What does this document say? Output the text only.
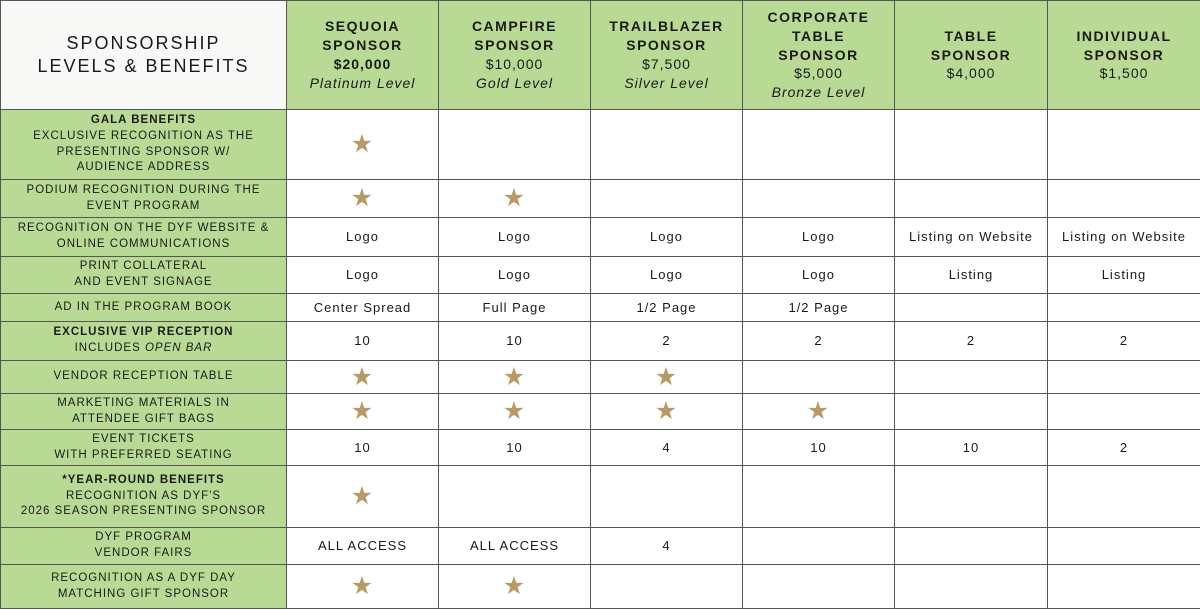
SPONSORSHIP
LEVELS & BENEFITS	SEQUOIA
SPONSOR
$20,000
Platinum Level	CAMPFIRE
SPONSOR
$10,000
Gold Level	TRAILBLAZER
SPONSOR
$7,500
Silver Level	CORPORATE
TABLE
SPONSOR
$5,000
Bronze Level	TABLE
SPONSOR
$4,000	INDIVIDUAL
SPONSOR
$1,500

GALA BENEFITS
EXCLUSIVE RECOGNITION AS THE
PRESENTING SPONSOR W/
AUDIENCE ADDRESS	★					

PODIUM RECOGNITION DURING THE
EVENT PROGRAM	★	★				

RECOGNITION ON THE DYF WEBSITE &
ONLINE COMMUNICATIONS	Logo	Logo	Logo	Logo	Listing on Website	Listing on Website

PRINT COLLATERAL
AND EVENT SIGNAGE	Logo	Logo	Logo	Logo	Listing	Listing

AD IN THE PROGRAM BOOK	Center Spread	Full Page	1/2 Page	1/2 Page		

EXCLUSIVE VIP RECEPTION
INCLUDES OPEN BAR	10	10	2	2	2	2

VENDOR RECEPTION TABLE	★	★	★			

MARKETING MATERIALS IN
ATTENDEE GIFT BAGS	★	★	★	★		

EVENT TICKETS
WITH PREFERRED SEATING	10	10	4	10	10	2

*YEAR-ROUND BENEFITS
RECOGNITION AS DYF'S
2026 SEASON PRESENTING SPONSOR	★					

DYF PROGRAM
VENDOR FAIRS	ALL ACCESS	ALL ACCESS	4			

RECOGNITION AS A DYF DAY
MATCHING GIFT SPONSOR	★	★				
